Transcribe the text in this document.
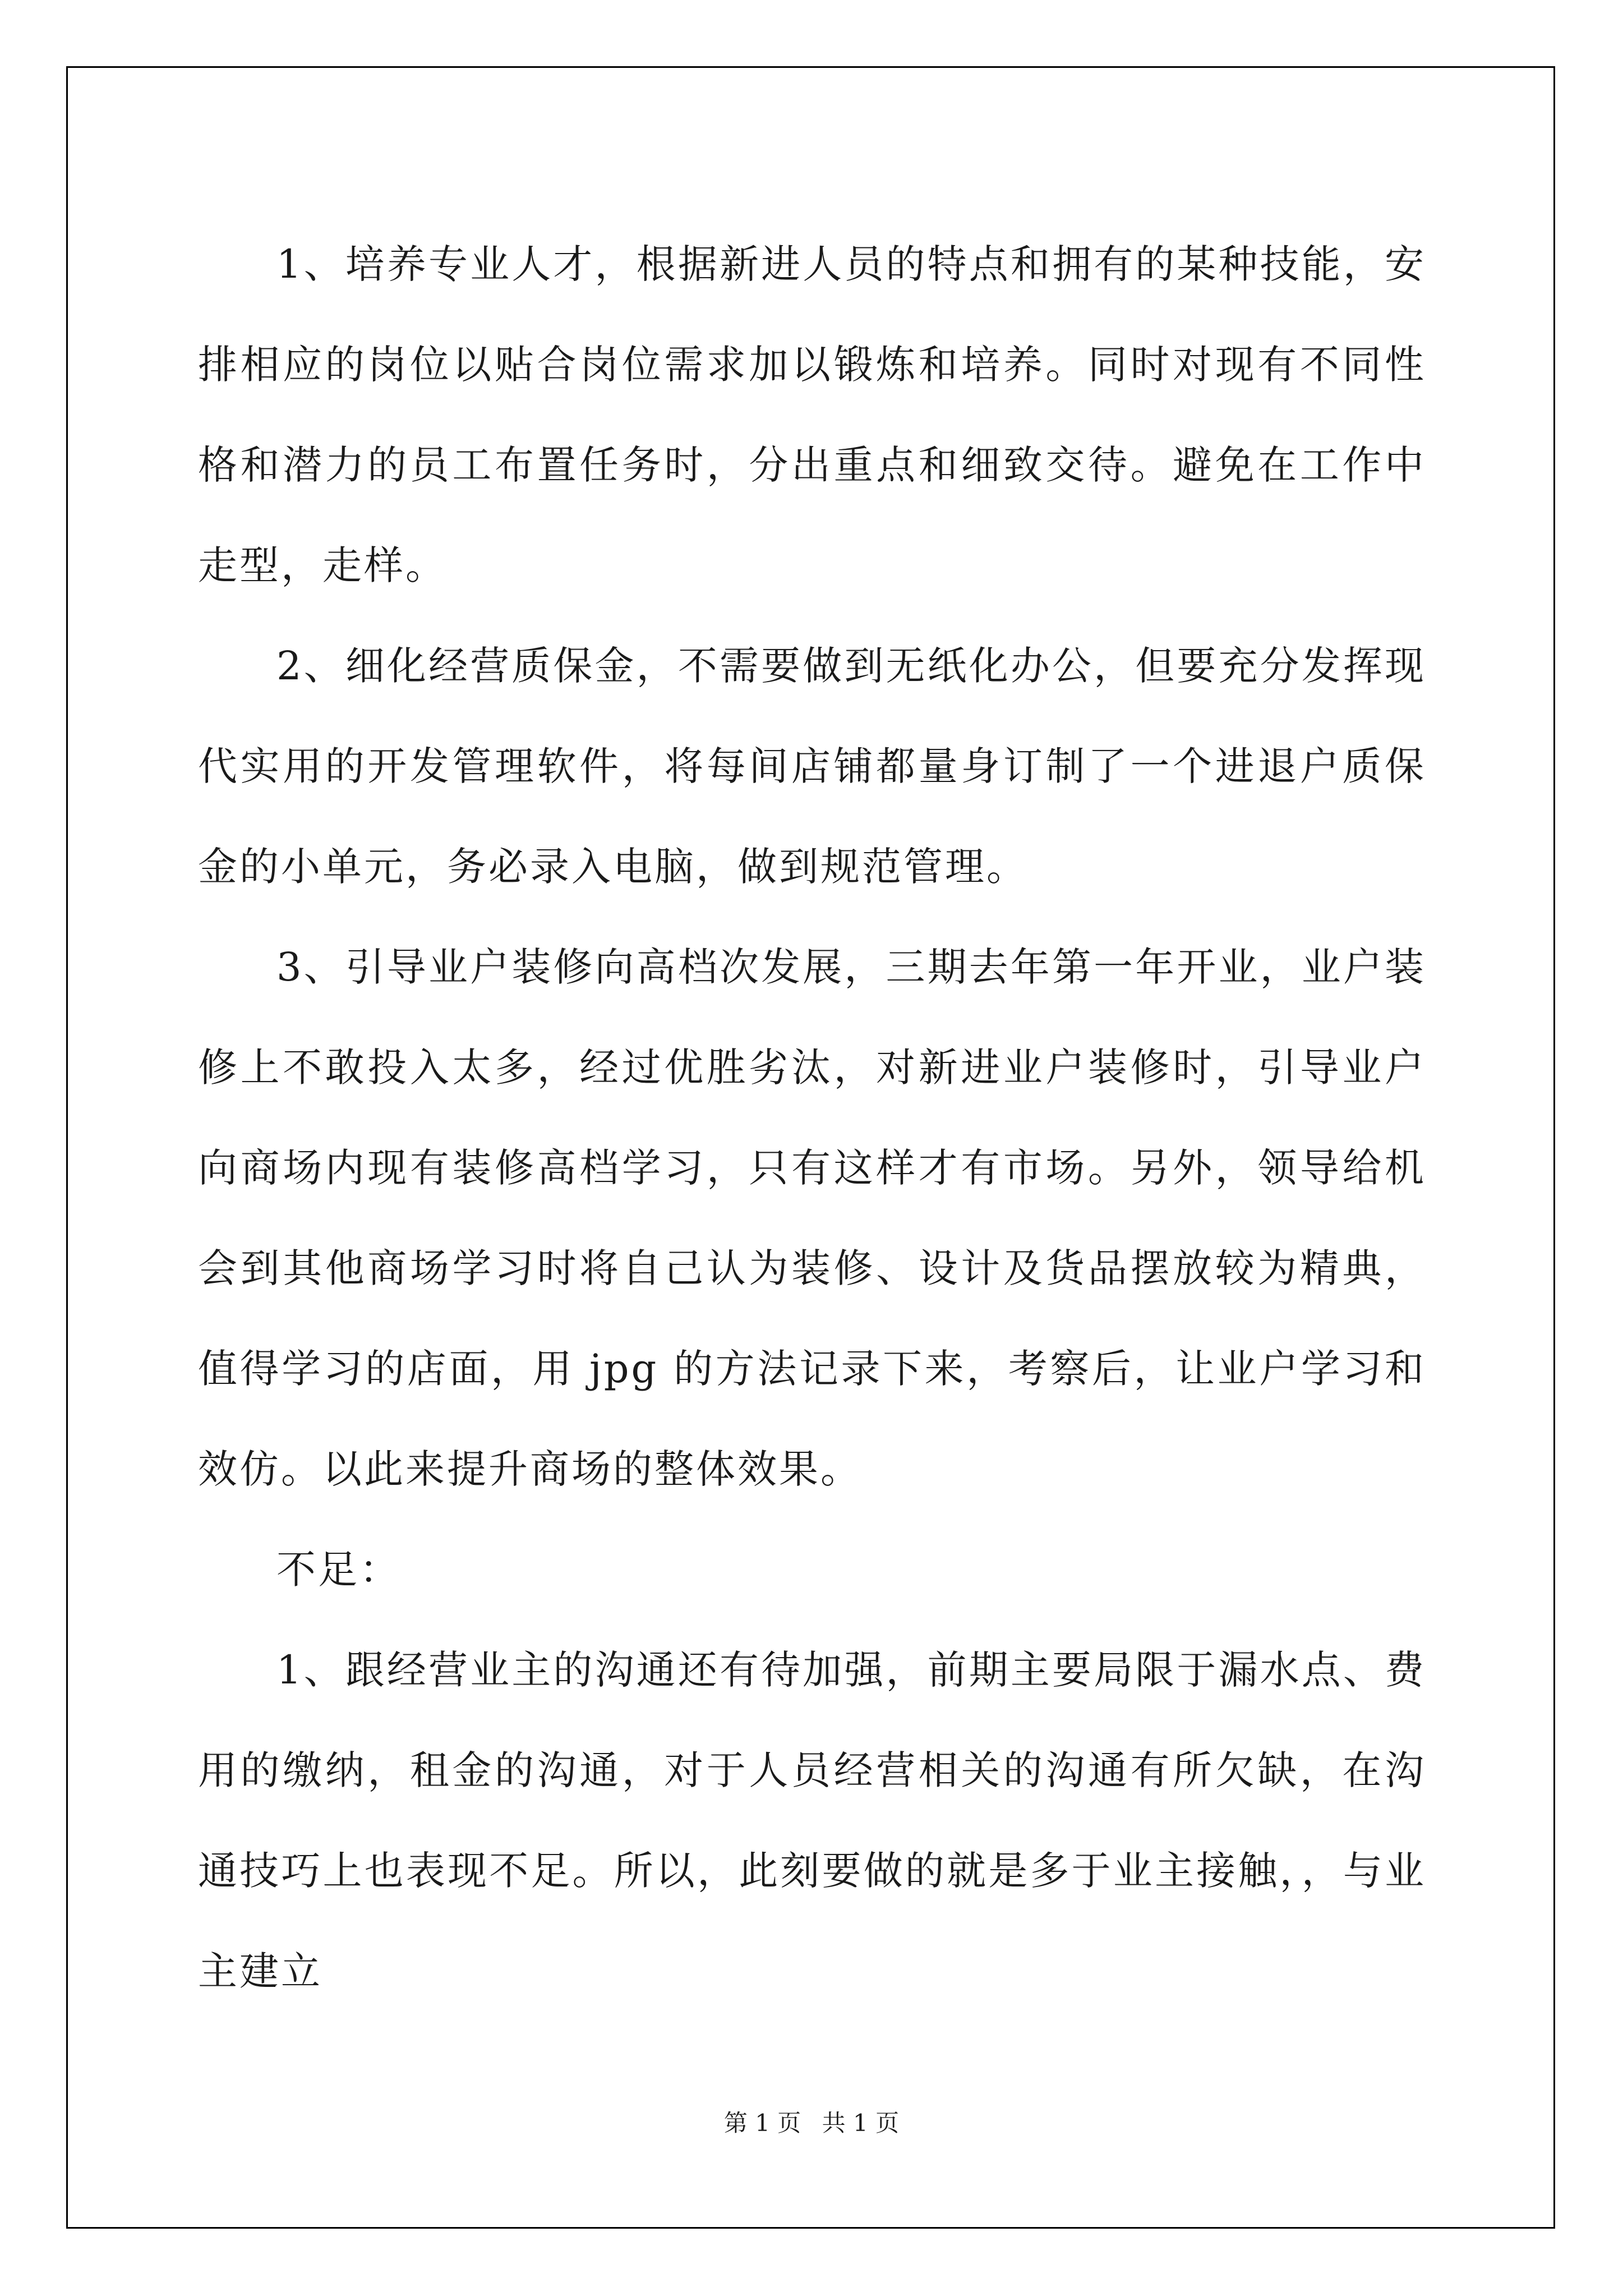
1、培养专业人才，根据新进人员的特点和拥有的某种技能，安排相应的岗位以贴合岗位需求加以锻炼和培养。同时对现有不同性格和潜力的员工布置任务时，分出重点和细致交待。避免在工作中走型，走样。

2、细化经营质保金，不需要做到无纸化办公，但要充分发挥现代实用的开发管理软件，将每间店铺都量身订制了一个进退户质保金的小单元，务必录入电脑，做到规范管理。

3、引导业户装修向高档次发展，三期去年第一年开业，业户装修上不敢投入太多，经过优胜劣汰，对新进业户装修时，引导业户向商场内现有装修高档学习，只有这样才有市场。另外，领导给机会到其他商场学习时将自己认为装修、设计及货品摆放较为精典，值得学习的店面，用 jpg 的方法记录下来，考察后，让业户学习和效仿。以此来提升商场的整体效果。

不足：

1、跟经营业主的沟通还有待加强，前期主要局限于漏水点、费用的缴纳，租金的沟通，对于人员经营相关的沟通有所欠缺，在沟通技巧上也表现不足。所以，此刻要做的就是多于业主接触，，与业主建立

第 1 页 共 1 页
